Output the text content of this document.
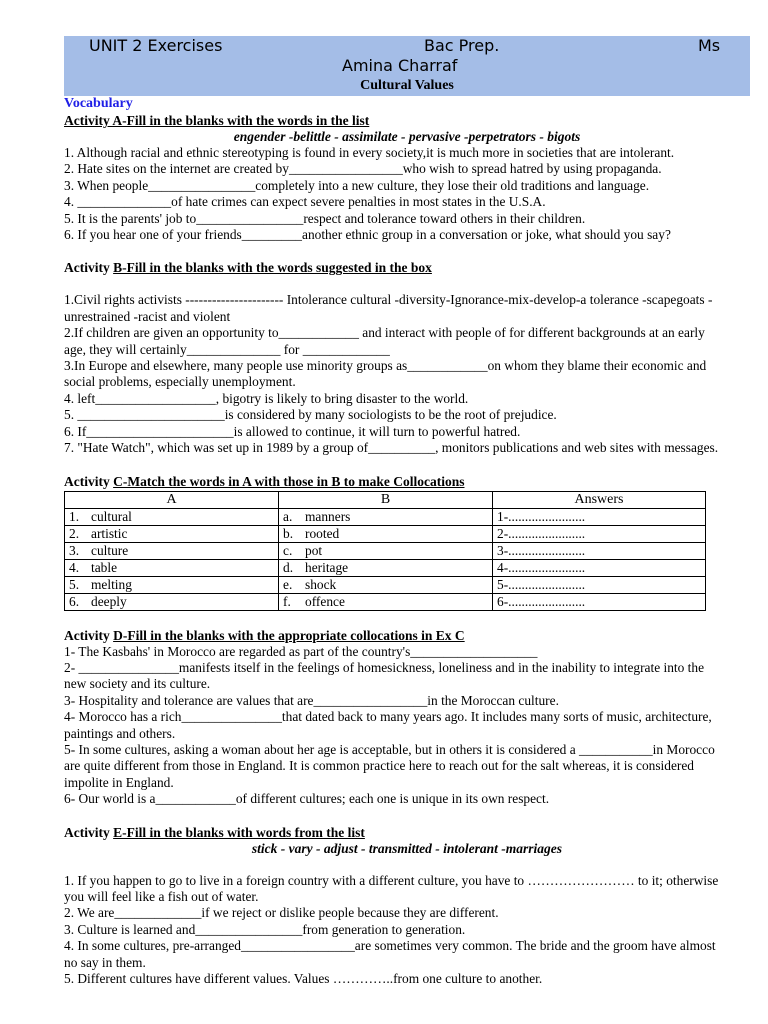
UNIT 2 Exercises	Bac Prep.	Ms
Amina Charraf
Cultural Values
Vocabulary
Activity A-Fill in the blanks with the words in the list
engender -belittle - assimilate - pervasive -perpetrators - bigots
1. Although racial and ethnic stereotyping is found in every society,it is much more in societies that are intolerant.
2. Hate sites on the internet are created by_________________who wish to spread hatred by using propaganda.
3. When people________________completely into a new culture, they lose their old traditions and language.
4. ______________of hate crimes can expect severe penalties in most states in the U.S.A.
5. It is the parents' job to________________respect and tolerance toward others in their children.
6. If you hear one of your friends_________another ethnic group in a conversation or joke, what should you say?
Activity B-Fill in the blanks with the words suggested in the box
1.Civil rights activists ---------------------- Intolerance cultural -diversity-Ignorance-mix-develop-a tolerance -scapegoats -
unrestrained -racist and violent
2.If children are given an opportunity to____________ and interact with people of for different backgrounds at an early
age, they will certainly______________ for _____________
3.In Europe and elsewhere, many people use minority groups as____________on whom they blame their economic and
social problems, especially unemployment.
4. left__________________, bigotry is likely to bring disaster to the world.
5. ______________________is considered by many sociologists to be the root of prejudice.
6. If______________________is allowed to continue, it will turn to powerful hatred.
7. "Hate Watch", which was set up in 1989 by a group of__________, monitors publications and web sites with messages.
Activity C-Match the words in A with those in B to make Collocations
A	B	Answers
1. cultural	a. manners	1-.......................
2. artistic	b. rooted	2-.......................
3. culture	c. pot	3-.......................
4. table	d. heritage	4-.......................
5. melting	e. shock	5-.......................
6. deeply	f. offence	6-.......................
Activity D-Fill in the blanks with the appropriate collocations in Ex C
1- The Kasbahs' in Morocco are regarded as part of the country's___________________
2- _______________manifests itself in the feelings of homesickness, loneliness and in the inability to integrate into the
new society and its culture.
3- Hospitality and tolerance are values that are_________________in the Moroccan culture.
4- Morocco has a rich_______________that dated back to many years ago. It includes many sorts of music, architecture,
paintings and others.
5- In some cultures, asking a woman about her age is acceptable, but in others it is considered a ___________in Morocco
are quite different from those in England. It is common practice here to reach out for the salt whereas, it is considered
impolite in England.
6- Our world is a____________of different cultures; each one is unique in its own respect.
Activity E-Fill in the blanks with words from the list
stick - vary - adjust - transmitted - intolerant -marriages
1. If you happen to go to live in a foreign country with a different culture, you have to …………………… to it; otherwise
you will feel like a fish out of water.
2. We are_____________if we reject or dislike people because they are different.
3. Culture is learned and________________from generation to generation.
4. In some cultures, pre-arranged_________________are sometimes very common. The bride and the groom have almost
no say in them.
5. Different cultures have different values. Values …………..from one culture to another.
